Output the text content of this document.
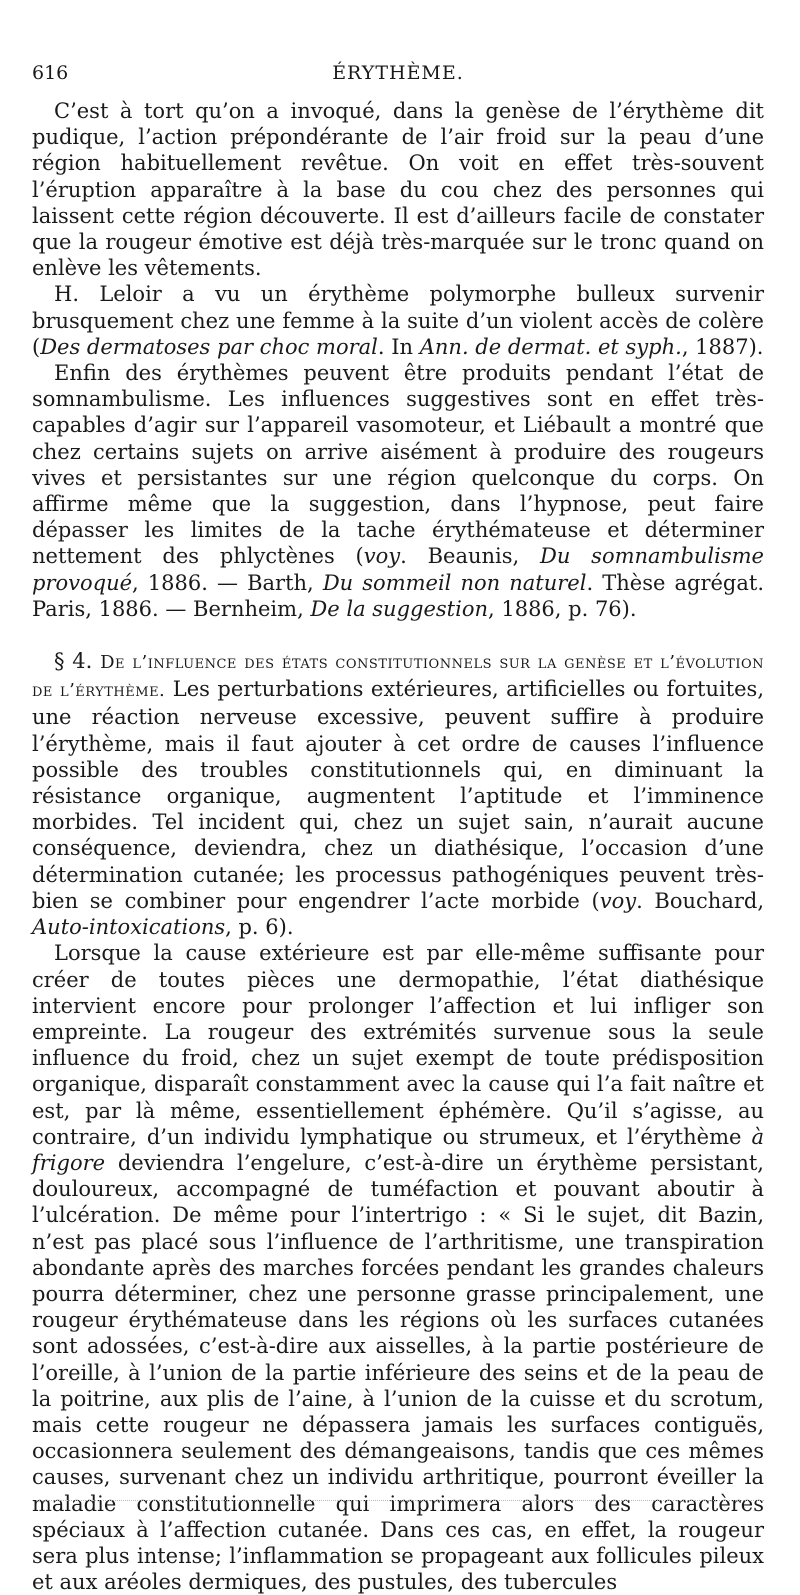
616	ÉRYTHÈME.

C’est à tort qu’on a invoqué, dans la genèse de l’érythème dit pudique, l’action prépondérante de l’air froid sur la peau d’une région habituellement revêtue. On voit en effet très-souvent l’éruption apparaître à la base du cou chez des personnes qui laissent cette région découverte. Il est d’ailleurs facile de constater que la rougeur émotive est déjà très-marquée sur le tronc quand on enlève les vêtements.

H. Leloir a vu un érythème polymorphe bulleux survenir brusquement chez une femme à la suite d’un violent accès de colère (Des dermatoses par choc moral. In Ann. de dermat. et syph., 1887).

Enfin des érythèmes peuvent être produits pendant l’état de somnambulisme. Les influences suggestives sont en effet très-capables d’agir sur l’appareil vasomoteur, et Liébault a montré que chez certains sujets on arrive aisément à produire des rougeurs vives et persistantes sur une région quelconque du corps. On affirme même que la suggestion, dans l’hypnose, peut faire dépasser les limites de la tache érythémateuse et déterminer nettement des phlyctènes (voy. Beaunis, Du somnambulisme provoqué, 1886. — Barth, Du sommeil non naturel. Thèse agrégat. Paris, 1886. — Bernheim, De la suggestion, 1886, p. 76).

§ 4. De l’influence des états constitutionnels sur la genèse et l’évolution de l’érythème. Les perturbations extérieures, artificielles ou fortuites, une réaction nerveuse excessive, peuvent suffire à produire l’érythème, mais il faut ajouter à cet ordre de causes l’influence possible des troubles constitutionnels qui, en diminuant la résistance organique, augmentent l’aptitude et l’imminence morbides. Tel incident qui, chez un sujet sain, n’aurait aucune conséquence, deviendra, chez un diathésique, l’occasion d’une détermination cutanée; les processus pathogéniques peuvent très-bien se combiner pour engendrer l’acte morbide (voy. Bouchard, Auto-intoxications, p. 6).

Lorsque la cause extérieure est par elle-même suffisante pour créer de toutes pièces une dermopathie, l’état diathésique intervient encore pour prolonger l’affection et lui infliger son empreinte. La rougeur des extrémités survenue sous la seule influence du froid, chez un sujet exempt de toute prédisposition organique, disparaît constamment avec la cause qui l’a fait naître et est, par là même, essentiellement éphémère. Qu’il s’agisse, au contraire, d’un individu lymphatique ou strumeux, et l’érythème à frigore deviendra l’engelure, c’est-à-dire un érythème persistant, douloureux, accompagné de tuméfaction et pouvant aboutir à l’ulcération. De même pour l’intertrigo : « Si le sujet, dit Bazin, n’est pas placé sous l’influence de l’arthritisme, une transpiration abondante après des marches forcées pendant les grandes chaleurs pourra déterminer, chez une personne grasse principalement, une rougeur érythémateuse dans les régions où les surfaces cutanées sont adossées, c’est-à-dire aux aisselles, à la partie postérieure de l’oreille, à l’union de la partie inférieure des seins et de la peau de la poitrine, aux plis de l’aine, à l’union de la cuisse et du scrotum, mais cette rougeur ne dépassera jamais les surfaces contiguës, occasionnera seulement des démangeaisons, tandis que ces mêmes causes, survenant chez un individu arthritique, pourront éveiller la maladie constitutionnelle qui imprimera alors des caractères spéciaux à l’affection cutanée. Dans ces cas, en effet, la rougeur sera plus intense; l’inflammation se propageant aux follicules pileux et aux aréoles dermiques, des pustules, des tubercules
